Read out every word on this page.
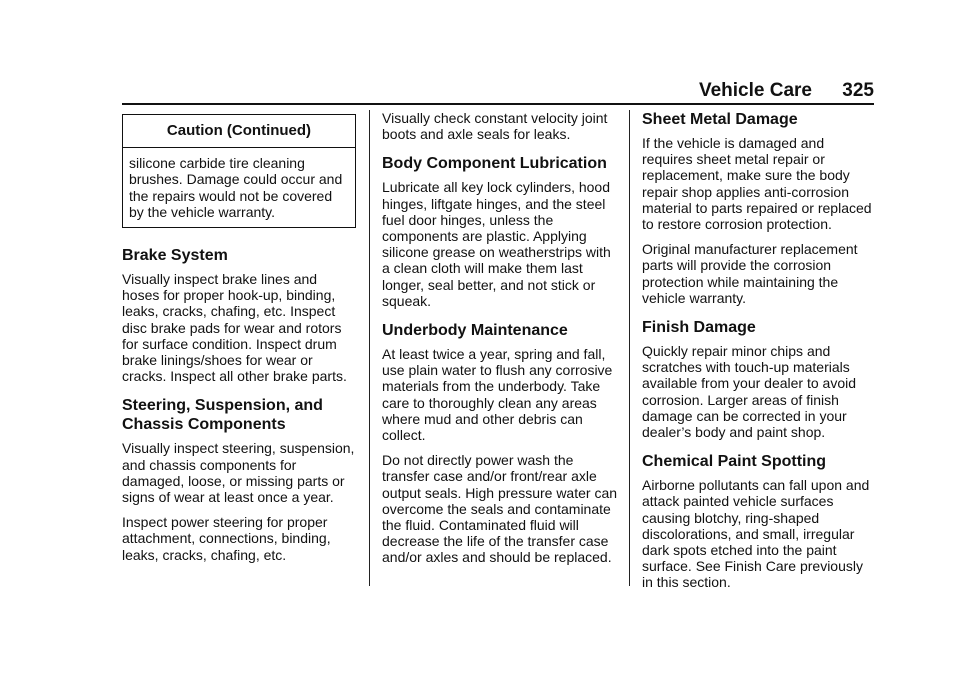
Vehicle Care 325
Caution (Continued)
silicone carbide tire cleaning brushes. Damage could occur and the repairs would not be covered by the vehicle warranty.
Brake System

Visually inspect brake lines and hoses for proper hook-up, binding, leaks, cracks, chafing, etc. Inspect disc brake pads for wear and rotors for surface condition. Inspect drum brake linings/shoes for wear or cracks. Inspect all other brake parts.

Steering, Suspension, and Chassis Components

Visually inspect steering, suspension, and chassis components for damaged, loose, or missing parts or signs of wear at least once a year.

Inspect power steering for proper attachment, connections, binding, leaks, cracks, chafing, etc.

Visually check constant velocity joint boots and axle seals for leaks.

Body Component Lubrication

Lubricate all key lock cylinders, hood hinges, liftgate hinges, and the steel fuel door hinges, unless the components are plastic. Applying silicone grease on weatherstrips with a clean cloth will make them last longer, seal better, and not stick or squeak.

Underbody Maintenance

At least twice a year, spring and fall, use plain water to flush any corrosive materials from the underbody. Take care to thoroughly clean any areas where mud and other debris can collect.

Do not directly power wash the transfer case and/or front/rear axle output seals. High pressure water can overcome the seals and contaminate the fluid. Contaminated fluid will decrease the life of the transfer case and/or axles and should be replaced.

Sheet Metal Damage

If the vehicle is damaged and requires sheet metal repair or replacement, make sure the body repair shop applies anti-corrosion material to parts repaired or replaced to restore corrosion protection.

Original manufacturer replacement parts will provide the corrosion protection while maintaining the vehicle warranty.

Finish Damage

Quickly repair minor chips and scratches with touch-up materials available from your dealer to avoid corrosion. Larger areas of finish damage can be corrected in your dealer’s body and paint shop.

Chemical Paint Spotting

Airborne pollutants can fall upon and attack painted vehicle surfaces causing blotchy, ring-shaped discolorations, and small, irregular dark spots etched into the paint surface. See Finish Care previously in this section.
